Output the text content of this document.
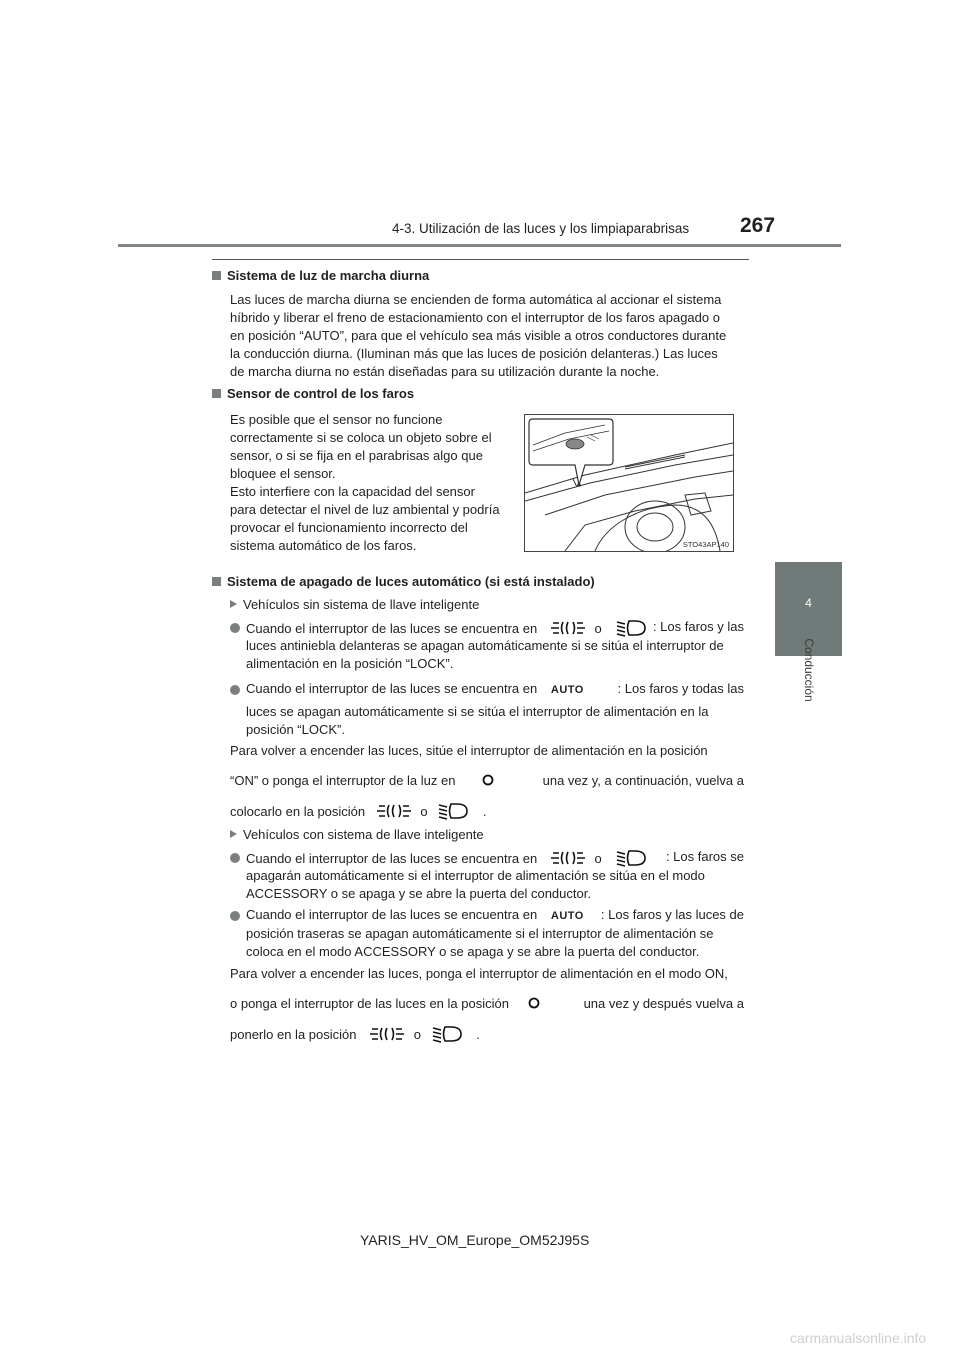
4-3. Utilización de las luces y los limpiaparabrisas 267
4
Conducción
Sistema de luz de marcha diurna
Las luces de marcha diurna se encienden de forma automática al accionar el sistema
híbrido y liberar el freno de estacionamiento con el interruptor de los faros apagado o
en posición “AUTO”, para que el vehículo sea más visible a otros conductores durante
la conducción diurna. (Iluminan más que las luces de posición delanteras.) Las luces
de marcha diurna no están diseñadas para su utilización durante la noche.
Sensor de control de los faros
Es posible que el sensor no funcione
correctamente si se coloca un objeto sobre el
sensor, o si se fija en el parabrisas algo que
bloquee el sensor.
Esto interfiere con la capacidad del sensor
para detectar el nivel de luz ambiental y podría
provocar el funcionamiento incorrecto del
sistema automático de los faros.	STO43AP140
Sistema de apagado de luces automático (si está instalado)
Vehículos sin sistema de llave inteligente
Cuando el interruptor de las luces se encuentra en	o	: Los faros y las
luces antiniebla delanteras se apagan automáticamente si se sitúa el interruptor de
alimentación en la posición “LOCK”.
Cuando el interruptor de las luces se encuentra en AUTO	: Los faros y todas las
luces se apagan automáticamente si se sitúa el interruptor de alimentación en la
posición “LOCK”.
Para volver a encender las luces, sitúe el interruptor de alimentación en la posición
“ON” o ponga el interruptor de la luz en	una vez y, a continuación, vuelva a
colocarlo en la posición	o	.
Vehículos con sistema de llave inteligente
Cuando el interruptor de las luces se encuentra en	o	: Los faros se
apagarán automáticamente si el interruptor de alimentación se sitúa en el modo
ACCESSORY o se apaga y se abre la puerta del conductor.
Cuando el interruptor de las luces se encuentra en AUTO : Los faros y las luces de
posición traseras se apagan automáticamente si el interruptor de alimentación se
coloca en el modo ACCESSORY o se apaga y se abre la puerta del conductor.
Para volver a encender las luces, ponga el interruptor de alimentación en el modo ON,
o ponga el interruptor de las luces en la posición	una vez y después vuelva a
ponerlo en la posición	o	.
YARIS_HV_OM_Europe_OM52J95S
carmanualsonline.info
